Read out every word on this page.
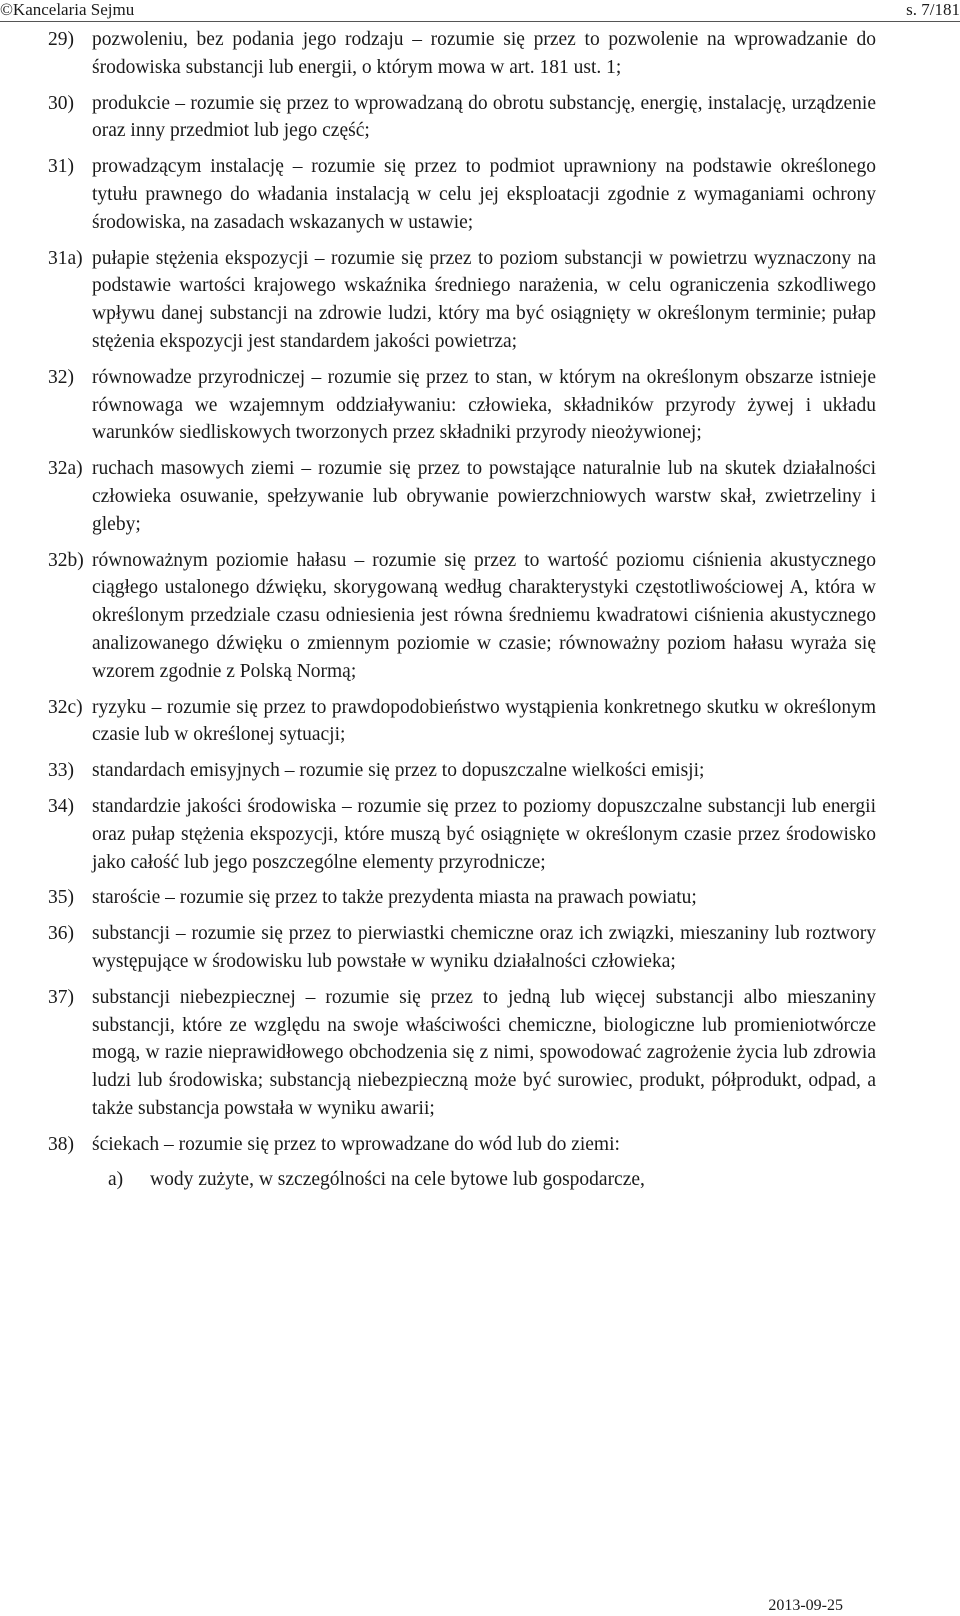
©Kancelaria Sejmu	s. 7/181
29) pozwoleniu, bez podania jego rodzaju – rozumie się przez to pozwolenie na wprowadzanie do środowiska substancji lub energii, o którym mowa w art. 181 ust. 1;
30) produkcie – rozumie się przez to wprowadzaną do obrotu substancję, energię, instalację, urządzenie oraz inny przedmiot lub jego część;
31) prowadzącym instalację – rozumie się przez to podmiot uprawniony na podstawie określonego tytułu prawnego do władania instalacją w celu jej eksploatacji zgodnie z wymaganiami ochrony środowiska, na zasadach wskazanych w ustawie;
31a) pułapie stężenia ekspozycji – rozumie się przez to poziom substancji w powietrzu wyznaczony na podstawie wartości krajowego wskaźnika średniego narażenia, w celu ograniczenia szkodliwego wpływu danej substancji na zdrowie ludzi, który ma być osiągnięty w określonym terminie; pułap stężenia ekspozycji jest standardem jakości powietrza;
32) równowadze przyrodniczej – rozumie się przez to stan, w którym na określonym obszarze istnieje równowaga we wzajemnym oddziaływaniu: człowieka, składników przyrody żywej i układu warunków siedliskowych tworzonych przez składniki przyrody nieożywionej;
32a) ruchach masowych ziemi – rozumie się przez to powstające naturalnie lub na skutek działalności człowieka osuwanie, spełzywanie lub obrywanie powierzchniowych warstw skał, zwietrzeliny i gleby;
32b) równoważnym poziomie hałasu – rozumie się przez to wartość poziomu ciśnienia akustycznego ciągłego ustalonego dźwięku, skorygowaną według charakterystyki częstotliwościowej A, która w określonym przedziale czasu odniesienia jest równa średniemu kwadratowi ciśnienia akustycznego analizowanego dźwięku o zmiennym poziomie w czasie; równoważny poziom hałasu wyraża się wzorem zgodnie z Polską Normą;
32c) ryzyku – rozumie się przez to prawdopodobieństwo wystąpienia konkretnego skutku w określonym czasie lub w określonej sytuacji;
33) standardach emisyjnych – rozumie się przez to dopuszczalne wielkości emisji;
34) standardzie jakości środowiska – rozumie się przez to poziomy dopuszczalne substancji lub energii oraz pułap stężenia ekspozycji, które muszą być osiągnięte w określonym czasie przez środowisko jako całość lub jego poszczególne elementy przyrodnicze;
35) staroście – rozumie się przez to także prezydenta miasta na prawach powiatu;
36) substancji – rozumie się przez to pierwiastki chemiczne oraz ich związki, mieszaniny lub roztwory występujące w środowisku lub powstałe w wyniku działalności człowieka;
37) substancji niebezpiecznej – rozumie się przez to jedną lub więcej substancji albo mieszaniny substancji, które ze względu na swoje właściwości chemiczne, biologiczne lub promieniotwórcze mogą, w razie nieprawidłowego obchodzenia się z nimi, spowodować zagrożenie życia lub zdrowia ludzi lub środowiska; substancją niebezpieczną może być surowiec, produkt, półprodukt, odpad, a także substancja powstała w wyniku awarii;
38) ściekach – rozumie się przez to wprowadzane do wód lub do ziemi:
a) wody zużyte, w szczególności na cele bytowe lub gospodarcze,
2013-09-25
